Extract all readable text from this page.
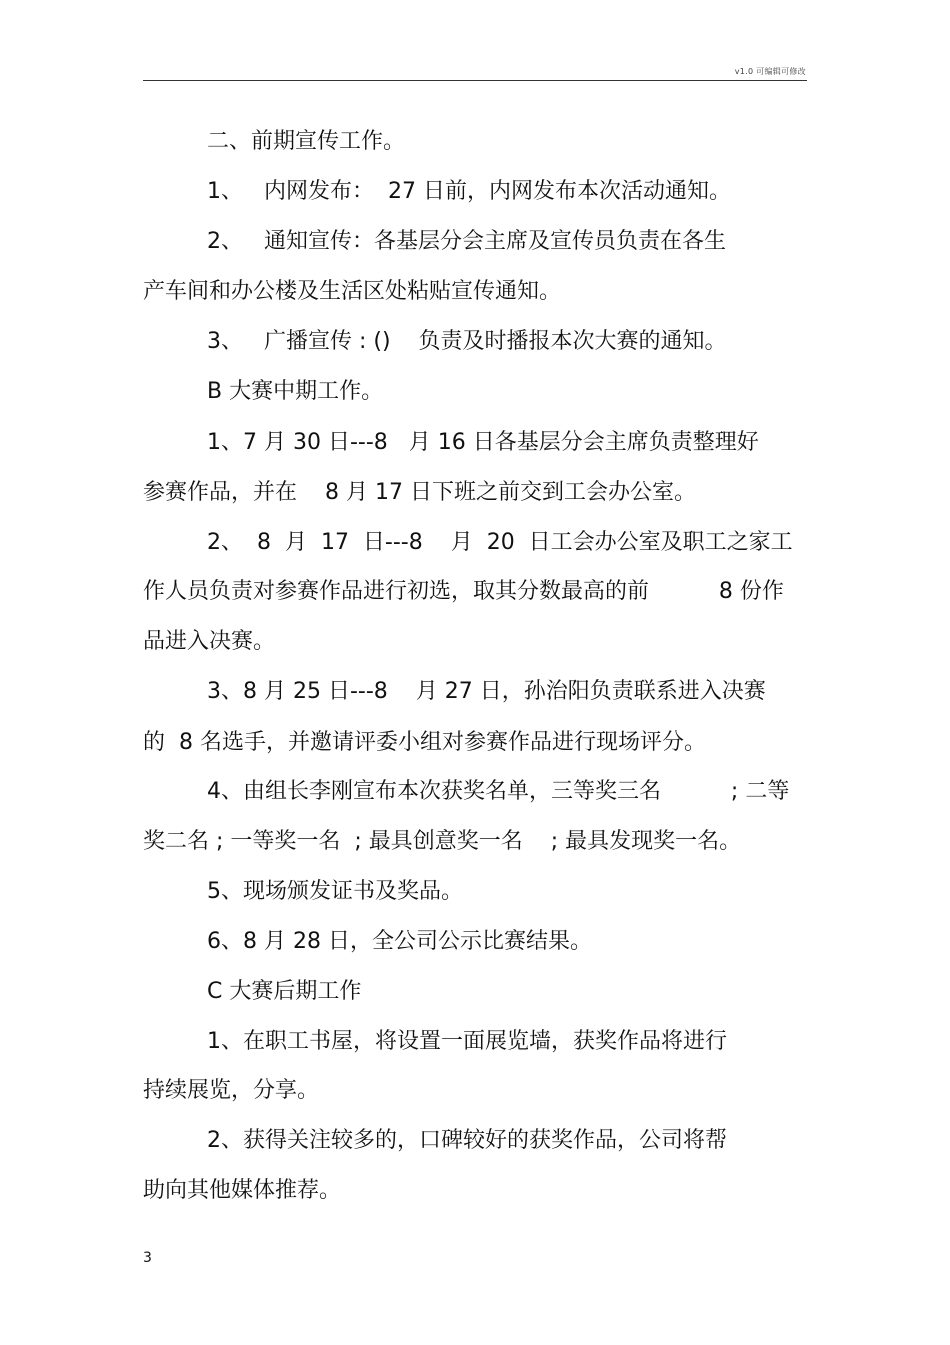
v1.0 可编辑可修改
二、前期宣传工作。
1、   内网发布：  27 日前，内网发布本次活动通知。
2、   通知宣传：各基层分会主席及宣传员负责在各生
产车间和办公楼及生活区处粘贴宣传通知。
3、   广播宣传 : ()    负责及时播报本次大赛的通知。
B 大赛中期工作。
1、7 月 30 日---8   月 16 日各基层分会主席负责整理好
参赛作品，并在    8 月 17 日下班之前交到工会办公室。
2、  8  月  17  日---8    月  20  日工会办公室及职工之家工
作人员负责对参赛作品进行初选，取其分数最高的前          8 份作
品进入决赛。
3、8 月 25 日---8    月 27 日，孙治阳负责联系进入决赛
的  8 名选手，并邀请评委小组对参赛作品进行现场评分。
4、由组长李刚宣布本次获奖名单，三等奖三名          ; 二等
奖二名 ; 一等奖一名  ; 最具创意奖一名    ; 最具发现奖一名。
5、现场颁发证书及奖品。
6、8 月 28 日，全公司公示比赛结果。
C 大赛后期工作
1、在职工书屋，将设置一面展览墙，获奖作品将进行
持续展览，分享。
2、获得关注较多的，口碑较好的获奖作品，公司将帮
助向其他媒体推荐。
3
